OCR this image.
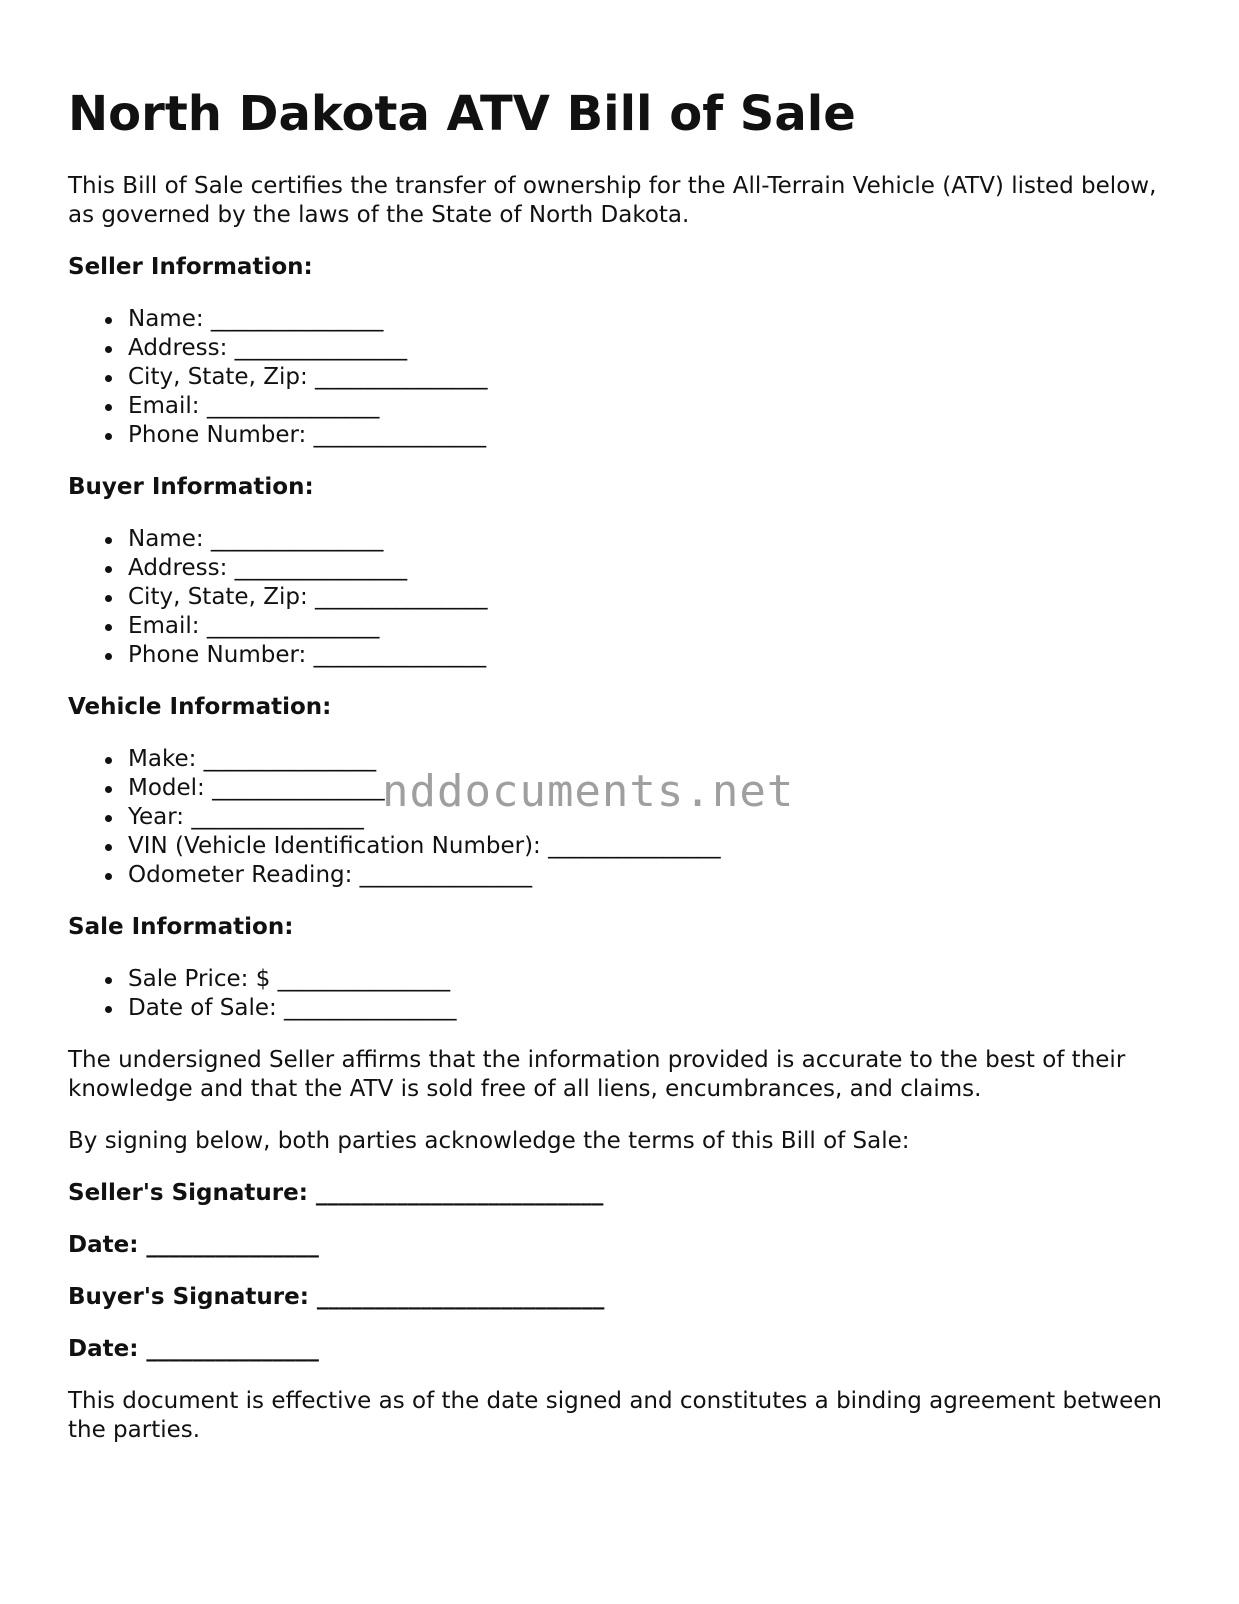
North Dakota ATV Bill of Sale

This Bill of Sale certifies the transfer of ownership for the All-Terrain Vehicle (ATV) listed below, as governed by the laws of the State of North Dakota.

Seller Information:
Name: _______________
Address: _______________
City, State, Zip: _______________
Email: _______________
Phone Number: _______________
Buyer Information:
Name: _______________
Address: _______________
City, State, Zip: _______________
Email: _______________
Phone Number: _______________
Vehicle Information:
Make: _______________
Model: _______________
Year: _______________
VIN (Vehicle Identification Number): _______________
Odometer Reading: _______________
Sale Information:
Sale Price: $ _______________
Date of Sale: _______________

The undersigned Seller affirms that the information provided is accurate to the best of their knowledge and that the ATV is sold free of all liens, encumbrances, and claims.

By signing below, both parties acknowledge the terms of this Bill of Sale:

Seller's Signature: _________________________
Date: _______________
Buyer's Signature: _________________________
Date: _______________

This document is effective as of the date signed and constitutes a binding agreement between the parties.

nddocuments.net
